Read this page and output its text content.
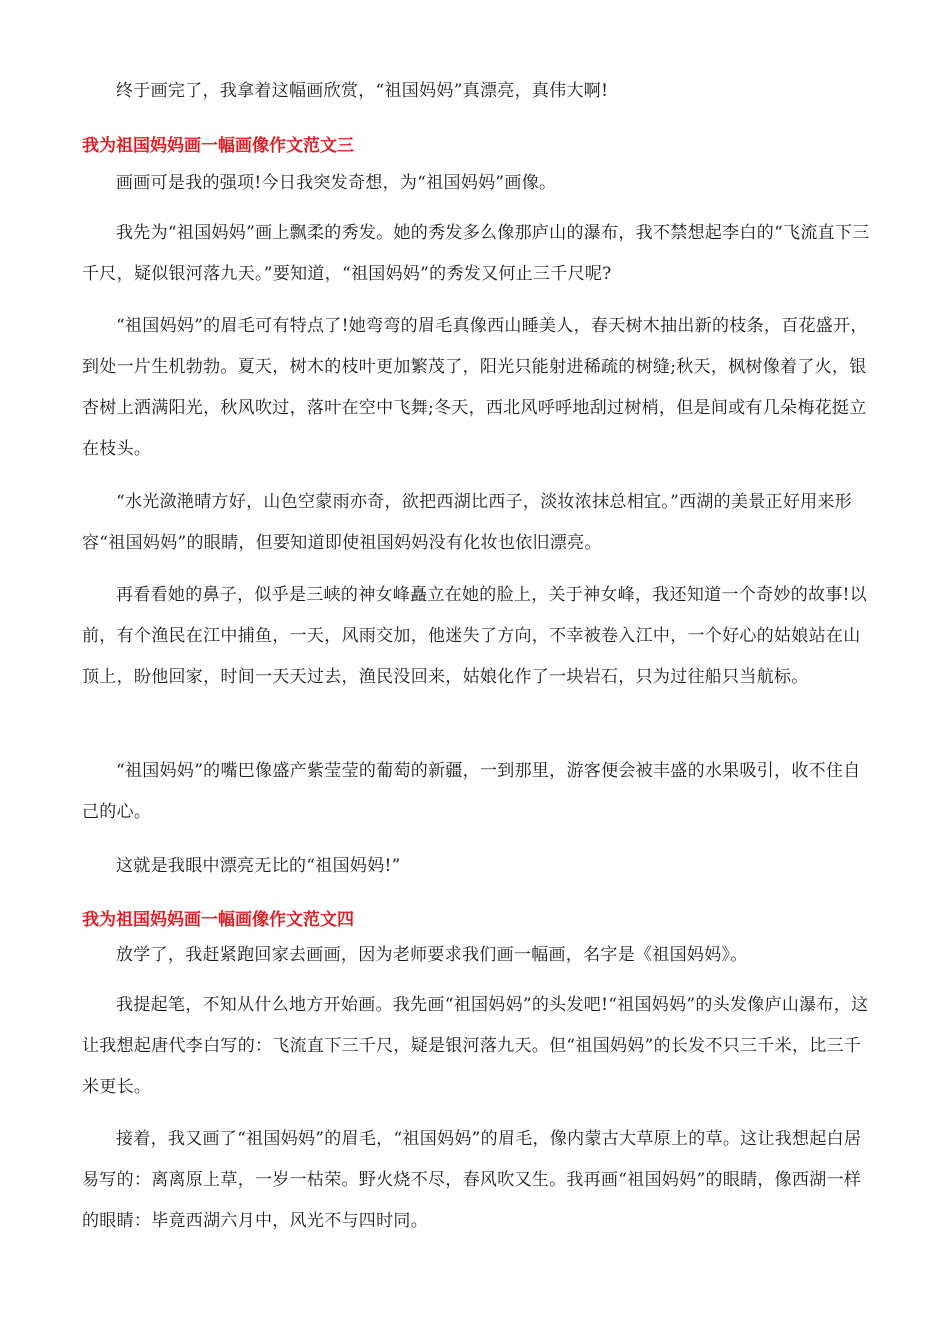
终于画完了，我拿着这幅画欣赏，“祖国妈妈”真漂亮，真伟大啊!

我为祖国妈妈画一幅画像作文范文三

画画可是我的强项!今日我突发奇想，为“祖国妈妈”画像。

我先为“祖国妈妈”画上飘柔的秀发。她的秀发多么像那庐山的瀑布，我不禁想起李白的“飞流直下三千尺，疑似银河落九天。”要知道，“祖国妈妈”的秀发又何止三千尺呢?

“祖国妈妈”的眉毛可有特点了!她弯弯的眉毛真像西山睡美人，春天树木抽出新的枝条，百花盛开，到处一片生机勃勃。夏天，树木的枝叶更加繁茂了，阳光只能射进稀疏的树缝;秋天，枫树像着了火，银杏树上洒满阳光，秋风吹过，落叶在空中飞舞;冬天，西北风呼呼地刮过树梢，但是间或有几朵梅花挺立在枝头。

“水光潋滟晴方好，山色空蒙雨亦奇，欲把西湖比西子，淡妆浓抹总相宜。”西湖的美景正好用来形容“祖国妈妈”的眼睛，但要知道即使祖国妈妈没有化妆也依旧漂亮。

再看看她的鼻子，似乎是三峡的神女峰矗立在她的脸上，关于神女峰，我还知道一个奇妙的故事!以前，有个渔民在江中捕鱼，一天，风雨交加，他迷失了方向，不幸被卷入江中，一个好心的姑娘站在山顶上，盼他回家，时间一天天过去，渔民没回来，姑娘化作了一块岩石，只为过往船只当航标。

“祖国妈妈”的嘴巴像盛产紫莹莹的葡萄的新疆，一到那里，游客便会被丰盛的水果吸引，收不住自己的心。

这就是我眼中漂亮无比的“祖国妈妈!”

我为祖国妈妈画一幅画像作文范文四

放学了，我赶紧跑回家去画画，因为老师要求我们画一幅画，名字是《祖国妈妈》。

我提起笔，不知从什么地方开始画。我先画“祖国妈妈”的头发吧!“祖国妈妈”的头发像庐山瀑布，这让我想起唐代李白写的：飞流直下三千尺，疑是银河落九天。但“祖国妈妈”的长发不只三千米，比三千米更长。

接着，我又画了“祖国妈妈”的眉毛，“祖国妈妈”的眉毛，像内蒙古大草原上的草。这让我想起白居易写的：离离原上草，一岁一枯荣。野火烧不尽，春风吹又生。我再画“祖国妈妈”的眼睛，像西湖一样的眼睛：毕竟西湖六月中，风光不与四时同。
